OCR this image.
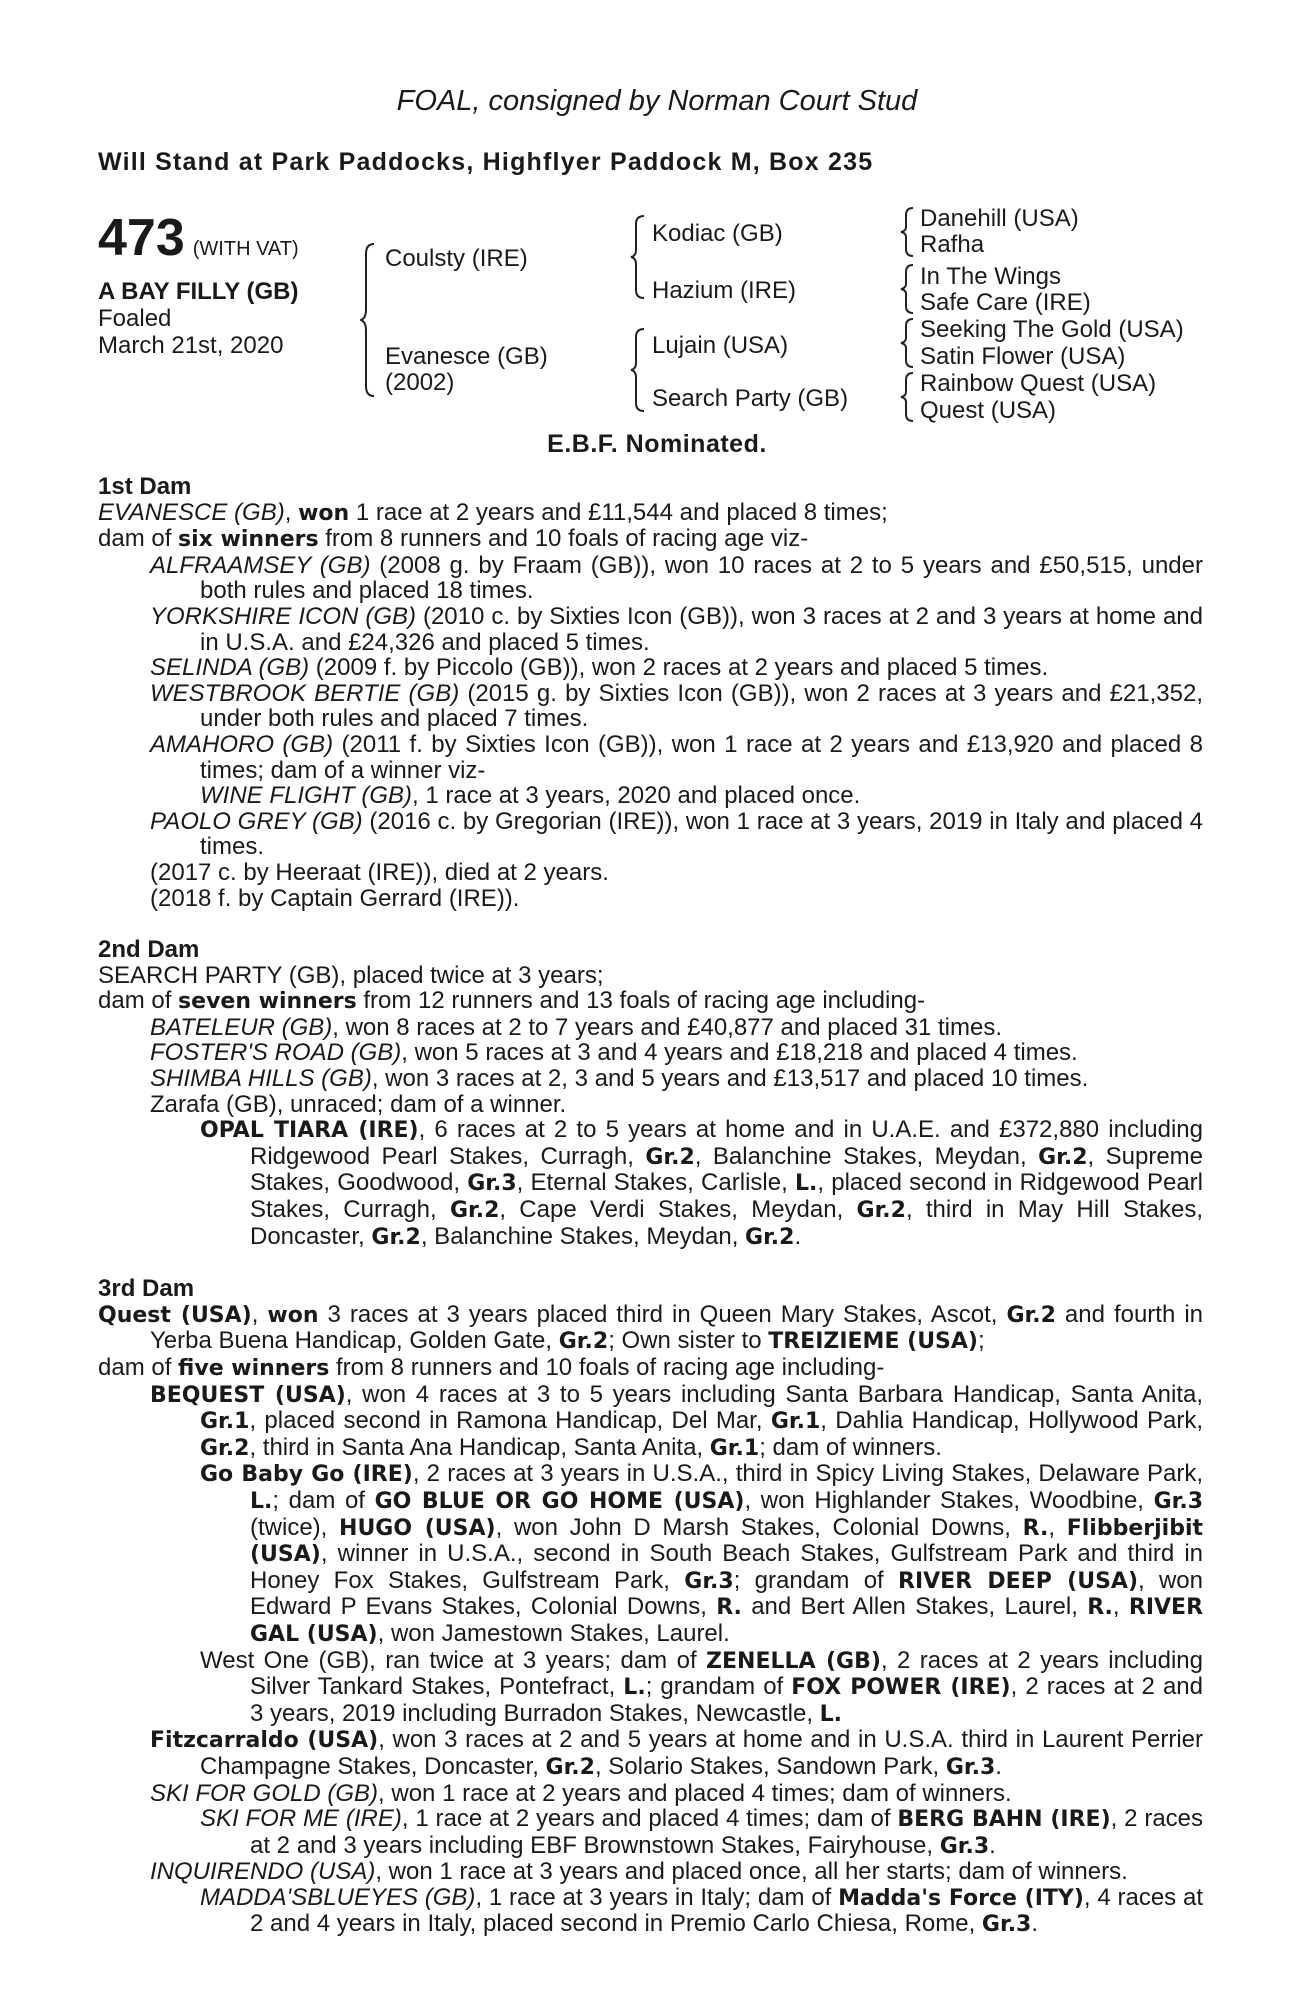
FOAL, consigned by Norman Court Stud
Will Stand at Park Paddocks, Highflyer Paddock M, Box 235
473 (WITH VAT)
A BAY FILLY (GB)
Foaled
March 21st, 2020
Coulsty (IRE)
Evanesce (GB)
(2002)
Kodiac (GB)
Hazium (IRE)
Lujain (USA)
Search Party (GB)
Danehill (USA)
Rafha
In The Wings
Safe Care (IRE)
Seeking The Gold (USA)
Satin Flower (USA)
Rainbow Quest (USA)
Quest (USA)
E.B.F. Nominated.
1st Dam
EVANESCE (GB), won 1 race at 2 years and £11,544 and placed 8 times;
dam of six winners from 8 runners and 10 foals of racing age viz-
ALFRAAMSEY (GB) (2008 g. by Fraam (GB)), won 10 races at 2 to 5 years and £50,515, under both rules and placed 18 times.
YORKSHIRE ICON (GB) (2010 c. by Sixties Icon (GB)), won 3 races at 2 and 3 years at home and in U.S.A. and £24,326 and placed 5 times.
SELINDA (GB) (2009 f. by Piccolo (GB)), won 2 races at 2 years and placed 5 times.
WESTBROOK BERTIE (GB) (2015 g. by Sixties Icon (GB)), won 2 races at 3 years and £21,352, under both rules and placed 7 times.
AMAHORO (GB) (2011 f. by Sixties Icon (GB)), won 1 race at 2 years and £13,920 and placed 8 times; dam of a winner viz-
WINE FLIGHT (GB), 1 race at 3 years, 2020 and placed once.
PAOLO GREY (GB) (2016 c. by Gregorian (IRE)), won 1 race at 3 years, 2019 in Italy and placed 4 times.
(2017 c. by Heeraat (IRE)), died at 2 years.
(2018 f. by Captain Gerrard (IRE)).
2nd Dam
SEARCH PARTY (GB), placed twice at 3 years;
dam of seven winners from 12 runners and 13 foals of racing age including-
BATELEUR (GB), won 8 races at 2 to 7 years and £40,877 and placed 31 times.
FOSTER'S ROAD (GB), won 5 races at 3 and 4 years and £18,218 and placed 4 times.
SHIMBA HILLS (GB), won 3 races at 2, 3 and 5 years and £13,517 and placed 10 times.
Zarafa (GB), unraced; dam of a winner.
OPAL TIARA (IRE), 6 races at 2 to 5 years at home and in U.A.E. and £372,880 including Ridgewood Pearl Stakes, Curragh, Gr.2, Balanchine Stakes, Meydan, Gr.2, Supreme Stakes, Goodwood, Gr.3, Eternal Stakes, Carlisle, L., placed second in Ridgewood Pearl Stakes, Curragh, Gr.2, Cape Verdi Stakes, Meydan, Gr.2, third in May Hill Stakes, Doncaster, Gr.2, Balanchine Stakes, Meydan, Gr.2.
3rd Dam
Quest (USA), won 3 races at 3 years placed third in Queen Mary Stakes, Ascot, Gr.2 and fourth in Yerba Buena Handicap, Golden Gate, Gr.2; Own sister to TREIZIEME (USA);
dam of five winners from 8 runners and 10 foals of racing age including-
BEQUEST (USA), won 4 races at 3 to 5 years including Santa Barbara Handicap, Santa Anita, Gr.1, placed second in Ramona Handicap, Del Mar, Gr.1, Dahlia Handicap, Hollywood Park, Gr.2, third in Santa Ana Handicap, Santa Anita, Gr.1; dam of winners.
Go Baby Go (IRE), 2 races at 3 years in U.S.A., third in Spicy Living Stakes, Delaware Park, L.; dam of GO BLUE OR GO HOME (USA), won Highlander Stakes, Woodbine, Gr.3 (twice), HUGO (USA), won John D Marsh Stakes, Colonial Downs, R., Flibberjibit (USA), winner in U.S.A., second in South Beach Stakes, Gulfstream Park and third in Honey Fox Stakes, Gulfstream Park, Gr.3; grandam of RIVER DEEP (USA), won Edward P Evans Stakes, Colonial Downs, R. and Bert Allen Stakes, Laurel, R., RIVER GAL (USA), won Jamestown Stakes, Laurel.
West One (GB), ran twice at 3 years; dam of ZENELLA (GB), 2 races at 2 years including Silver Tankard Stakes, Pontefract, L.; grandam of FOX POWER (IRE), 2 races at 2 and 3 years, 2019 including Burradon Stakes, Newcastle, L.
Fitzcarraldo (USA), won 3 races at 2 and 5 years at home and in U.S.A. third in Laurent Perrier Champagne Stakes, Doncaster, Gr.2, Solario Stakes, Sandown Park, Gr.3.
SKI FOR GOLD (GB), won 1 race at 2 years and placed 4 times; dam of winners.
SKI FOR ME (IRE), 1 race at 2 years and placed 4 times; dam of BERG BAHN (IRE), 2 races at 2 and 3 years including EBF Brownstown Stakes, Fairyhouse, Gr.3.
INQUIRENDO (USA), won 1 race at 3 years and placed once, all her starts; dam of winners.
MADDA'SBLUEYES (GB), 1 race at 3 years in Italy; dam of Madda's Force (ITY), 4 races at 2 and 4 years in Italy, placed second in Premio Carlo Chiesa, Rome, Gr.3.
